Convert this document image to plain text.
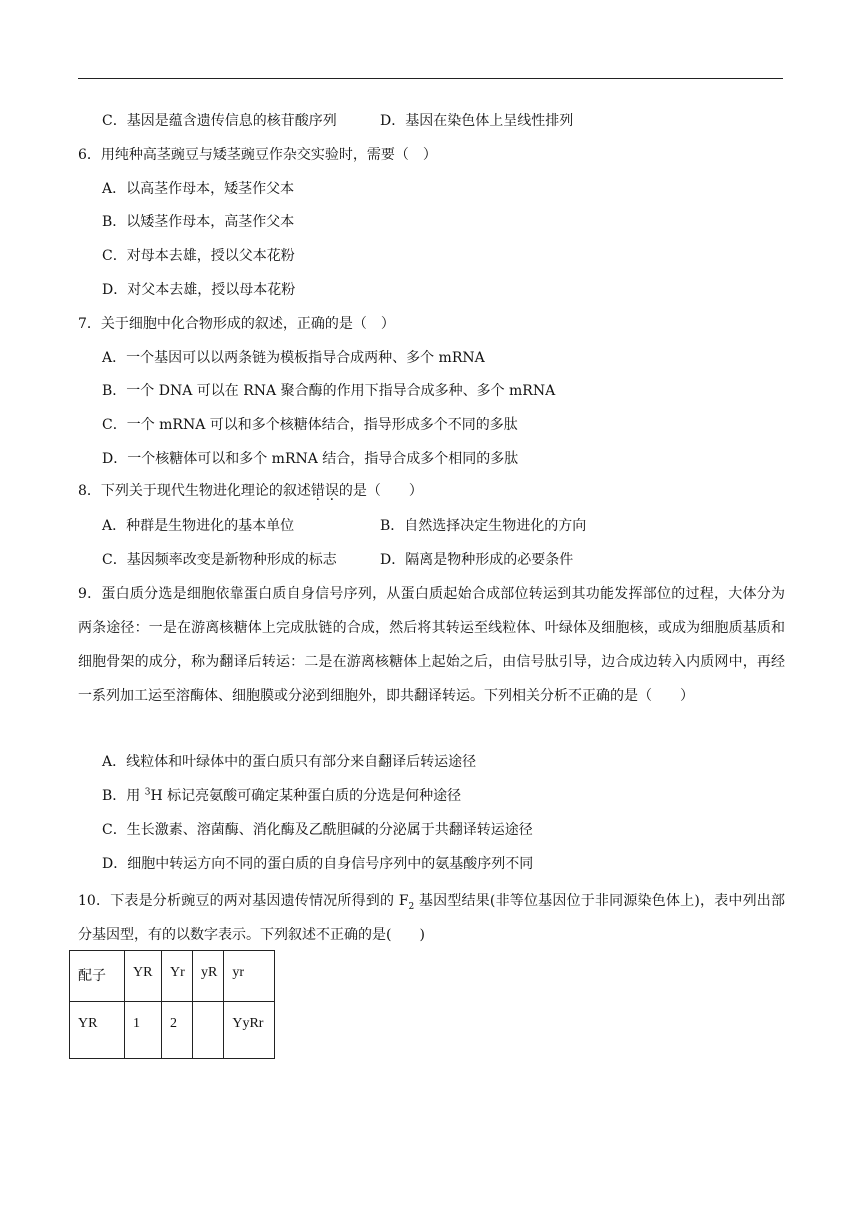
C．基因是蕴含遗传信息的核苷酸序列	D．基因在染色体上呈线性排列
6．用纯种高茎豌豆与矮茎豌豆作杂交实验时，需要（　）
A．以高茎作母本，矮茎作父本
B．以矮茎作母本，高茎作父本
C．对母本去雄，授以父本花粉
D．对父本去雄，授以母本花粉
7．关于细胞中化合物形成的叙述，正确的是（　）
A．一个基因可以以两条链为模板指导合成两种、多个 mRNA
B．一个 DNA 可以在 RNA 聚合酶的作用下指导合成多种、多个 mRNA
C．一个 mRNA 可以和多个核糖体结合，指导形成多个不同的多肽
D．一个核糖体可以和多个 mRNA 结合，指导合成多个相同的多肽
8．下列关于现代生物进化理论的叙述错误的是（　　）
A．种群是生物进化的基本单位	B．自然选择决定生物进化的方向
C．基因频率改变是新物种形成的标志	D．隔离是物种形成的必要条件
9．蛋白质分选是细胞依靠蛋白质自身信号序列，从蛋白质起始合成部位转运到其功能发挥部位的过程，大体分为两条途径：一是在游离核糖体上完成肽链的合成，然后将其转运至线粒体、叶绿体及细胞核，或成为细胞质基质和细胞骨架的成分，称为翻译后转运：二是在游离核糖体上起始之后，由信号肽引导，边合成边转入内质网中，再经一系列加工运至溶酶体、细胞膜或分泌到细胞外，即共翻译转运。下列相关分析不正确的是（　　）
A．线粒体和叶绿体中的蛋白质只有部分来自翻译后转运途径
B．用 $^3$H 标记亮氨酸可确定某种蛋白质的分选是何种途径
C．生长激素、溶菌酶、消化酶及乙酰胆碱的分泌属于共翻译转运途径
D．细胞中转运方向不同的蛋白质的自身信号序列中的氨基酸序列不同
10．下表是分析豌豆的两对基因遗传情况所得到的 $F_2$ 基因型结果(非等位基因位于非同源染色体上)，表中列出部分基因型，有的以数字表示。下列叙述不正确的是(　　)
配子	YR	Yr	yR	yr
YR	1	2		YyRr
